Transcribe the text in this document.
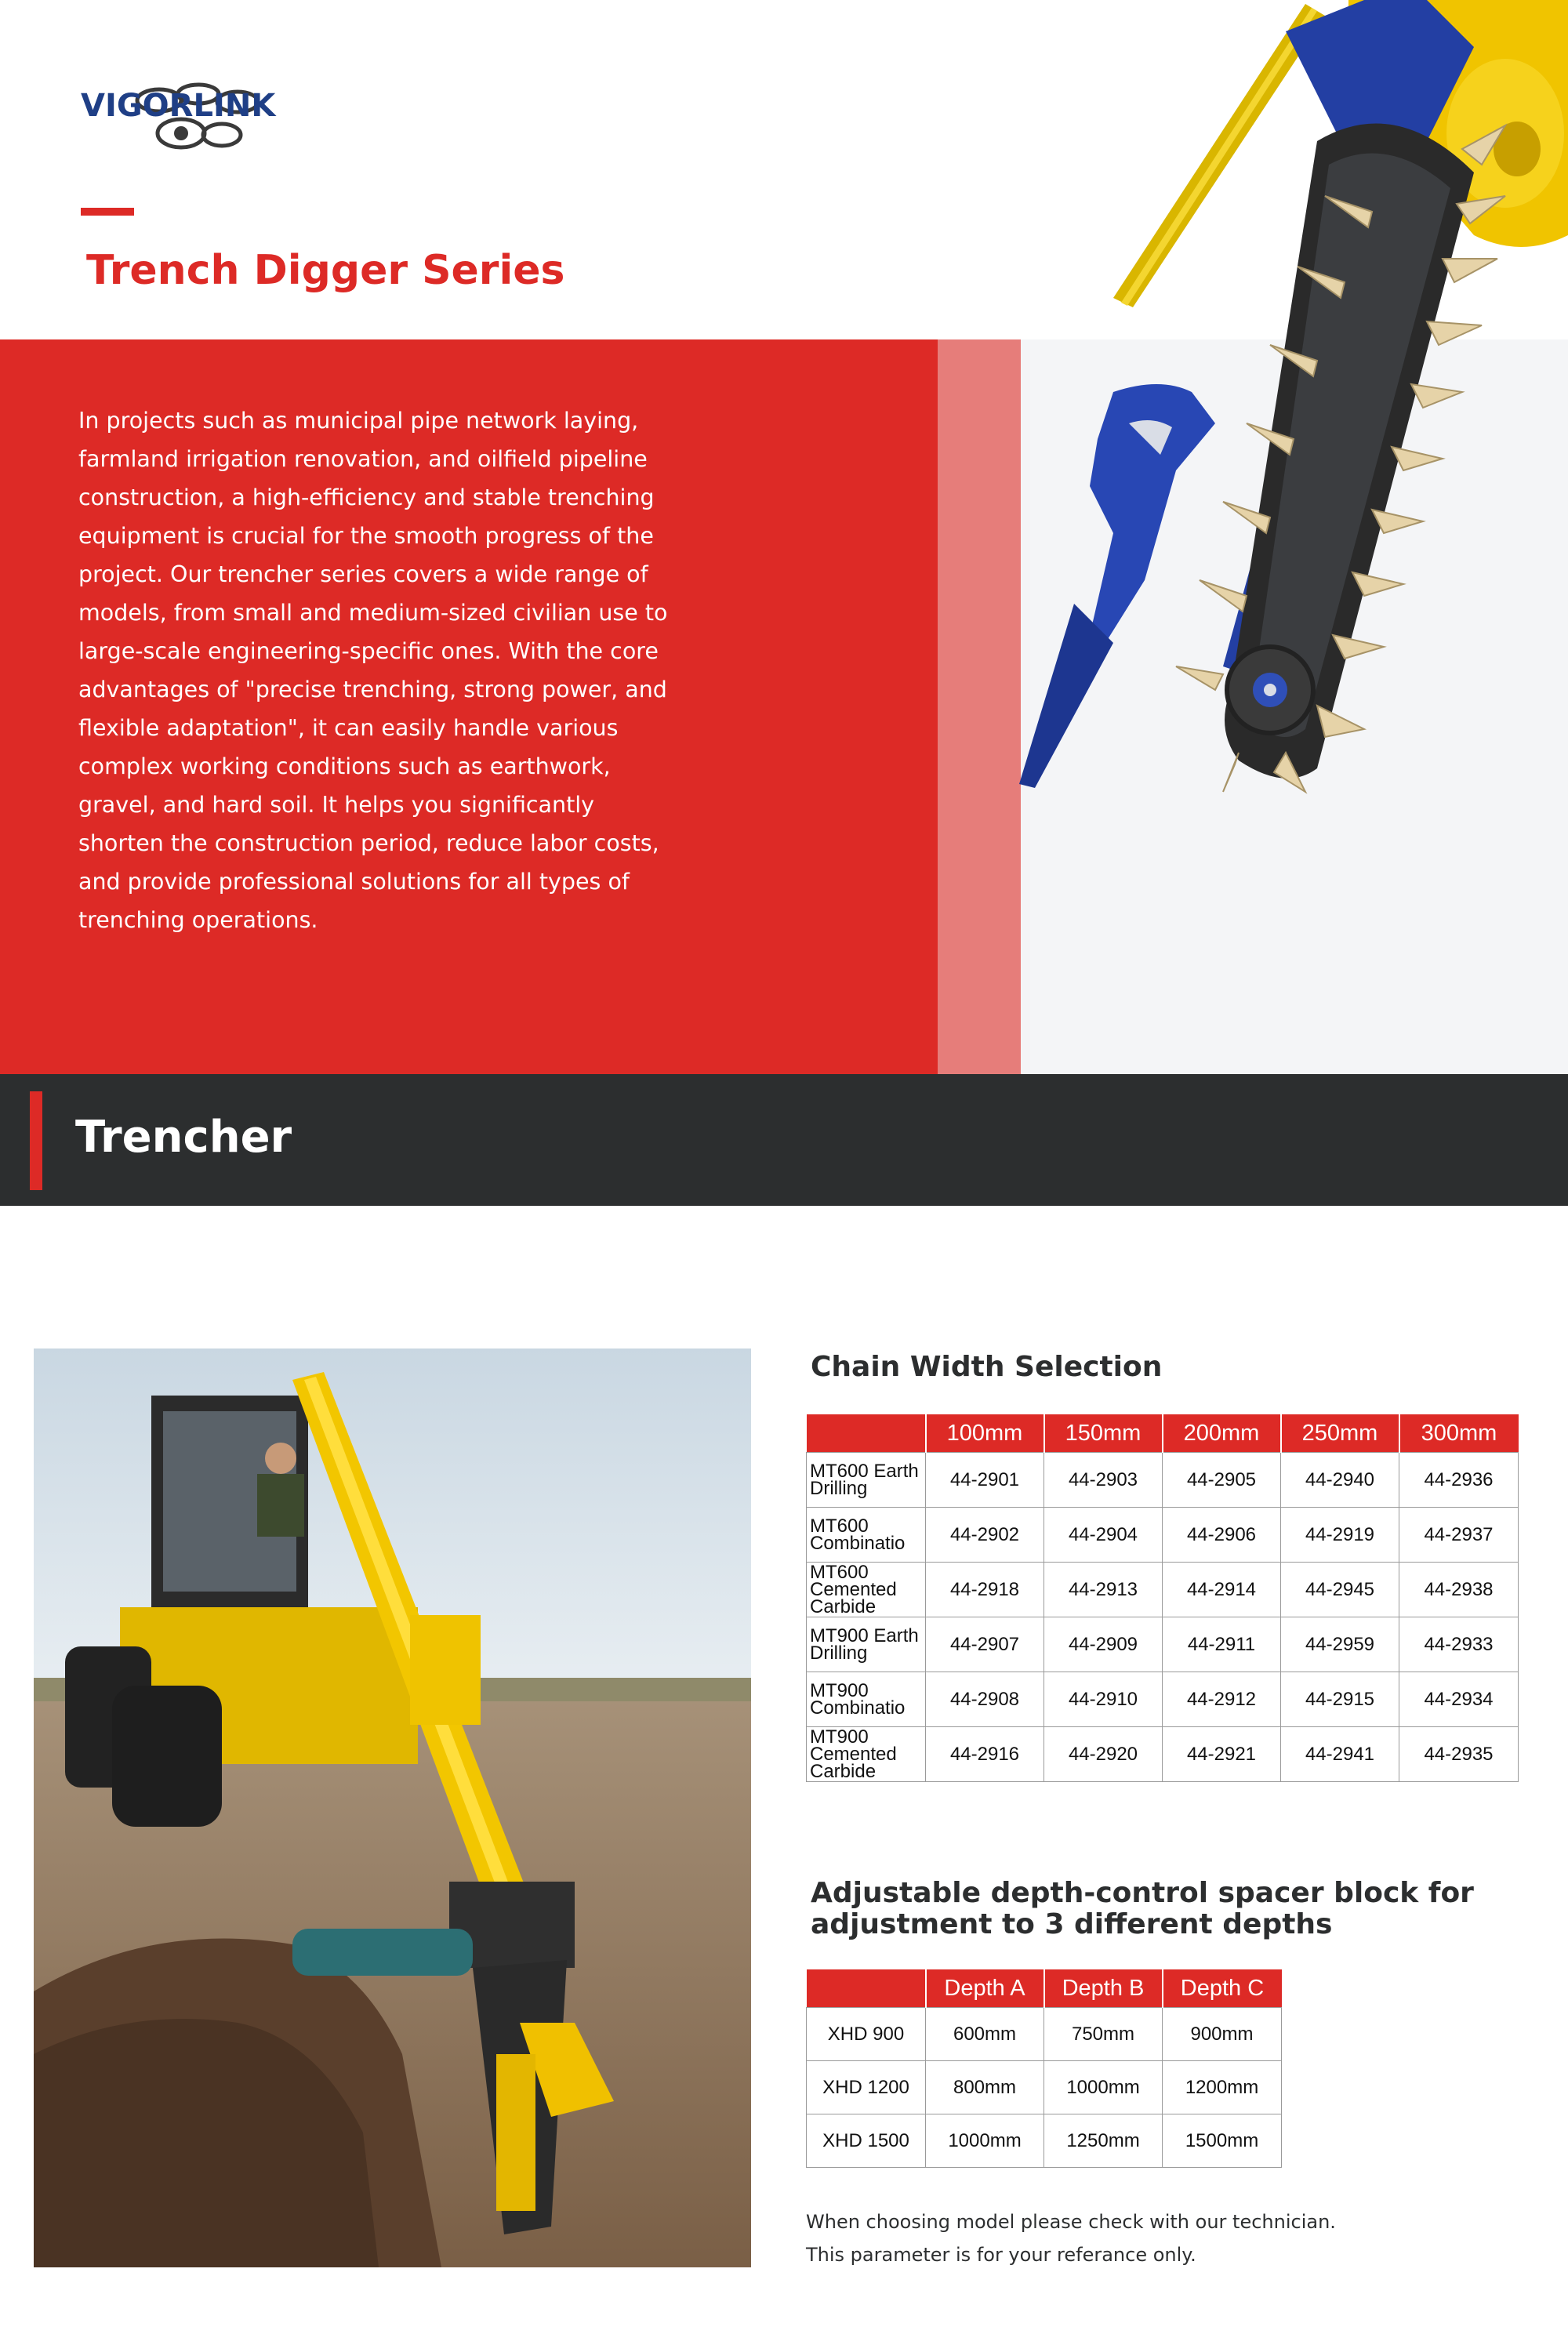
VIGORLINK
Trench Digger Series
In projects such as municipal pipe network laying, farmland irrigation renovation, and oilfield pipeline construction, a high-efficiency and stable trenching equipment is crucial for the smooth progress of the project. Our trencher series covers a wide range of models, from small and medium-sized civilian use to large-scale engineering-specific ones. With the core advantages of "precise trenching, strong power, and flexible adaptation", it can easily handle various complex working conditions such as earthwork, gravel, and hard soil. It helps you significantly shorten the construction period, reduce labor costs, and provide professional solutions for all types of trenching operations.
Trencher
Chain Width Selection
	100mm	150mm	200mm	250mm	300mm
MT600 Earth Drilling	44-2901	44-2903	44-2905	44-2940	44-2936
MT600 Combinatio	44-2902	44-2904	44-2906	44-2919	44-2937
MT600 Cemented Carbide	44-2918	44-2913	44-2914	44-2945	44-2938
MT900 Earth Drilling	44-2907	44-2909	44-2911	44-2959	44-2933
MT900 Combinatio	44-2908	44-2910	44-2912	44-2915	44-2934
MT900 Cemented Carbide	44-2916	44-2920	44-2921	44-2941	44-2935
Adjustable depth-control spacer block for adjustment to 3 different depths
	Depth A	Depth B	Depth C
XHD 900	600mm	750mm	900mm
XHD 1200	800mm	1000mm	1200mm
XHD 1500	1000mm	1250mm	1500mm
When choosing model please check with our technician.
This parameter is for your referance only.
